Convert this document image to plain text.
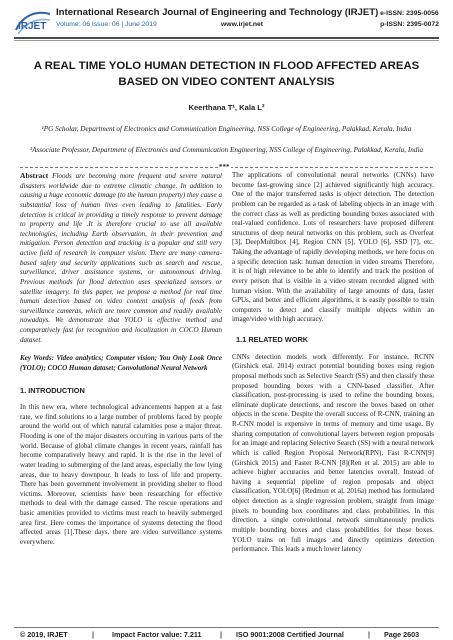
IRJET
International Research Journal of Engineering and Technology (IRJET)
Volume: 06 Issue: 06 | June 2019	www.irjet.net
e-ISSN: 2395-0056
p-ISSN: 2395-0072
A REAL TIME YOLO HUMAN DETECTION IN FLOOD AFFECTED AREAS BASED ON VIDEO CONTENT ANALYSIS
Keerthana T¹, Kala L²
¹PG Scholar, Department of Electronics and Communication Engineering, NSS College of Engineering, Palakkad, Kerala, India
²Associate Professor, Department of Electronics and Communication Engineering, NSS College of Engineering, Palakkad, Kerala, India
***

Abstract Floods are becoming more frequent and severe natural disasters worldwide due to extreme climatic change. In addition to causing a huge economic damage (to the human property) they cause a substantial loss of human lives even leading to fatalities. Early detection is critical in providing a timely response to prevent damage to property and life .It is therefore crucial to use all available technologies, including Earth observation, in their prevention and mitigation. Person detection and tracking is a popular and still very active field of research in computer vision. There are many camera-based safety and security applications such as search and rescue, surveillance, driver assistance systems, or autonomous driving. Previous methods for flood detection uses specialized sensors or satellite imagery. In this paper, we propose a method for real time human detection based on video content analysis of feeds from surveillance cameras, which are more common and readily available nowadays. We demonstrate that YOLO is effective method and comparatively fast for recognition and localization in COCO Human dataset.

Key Words: Video analytics; Computer vision; You Only Look Once (YOLO); COCO Human dataset; Convolutional Neural Network

1. INTRODUCTION

In this new era, where technological advancements happen at a fast rate, we find solutions to a large number of problems faced by people around the world out of which natural calamities pose a major threat. Flooding is one of the major disasters occurring in various parts of the world. Because of global climate changes in recent years, rainfall has become comparatively heavy and rapid. It is the rise in the level of water leading to submerging of the land areas, especially the low lying areas, due to heavy downpour. It leads to loss of life and property. There has been government involvement in providing shelter to flood victims. Moreover, scientists have been researching for effective methods to deal with the damage caused. The rescue operations and basic amenities provided to victims must reach to heavily submerged area first. Here comes the importance of systems detecting the flood affected areas [1].These days, there are video surveillance systems everywhere.

The applications of convolutional neural networks (CNNs) have become fast-growing since [2] achieved significantly high accuracy. One of the major transferred tasks is object detection. The detection problem can be regarded as a task of labeling objects in an image with the correct class as well as predicting bounding boxes associated with real-valued confidence. Lots of researchers have proposed different structures of deep neural networks on this problem, such as Overfeat [3], DeepMultibox [4], Region CNN [5], YOLO [6], SSD [7], etc. Taking the advantage of rapidly developing methods, we here focus on a specific detection task: human detection in video streams Therefore, it is of high relevance to be able to identify and track the position of every person that is visible in a video stream recorded aligned with human vision. With the availability of large amounts of data, faster GPUs, and better and efficient algorithms, it is easily possible to train computers to detect and classify multiple objects within an image/video with high accuracy.

1.1 RELATED WORK

CNNs detection models work differently. For instance, RCNN (Girshick etal. 2014) extract potential bounding boxes using region proposal methods such as Selective Search (SS) and then classify these proposed bounding boxes with a CNN-based classifier. After classification, post-processing is used to refine the bounding boxes, eliminate duplicate detections, and rescore the boxes based on other objects in the scene. Despite the overall success of R-CNN, training an R-CNN model is expensive in terms of memory and time usage. By sharing computation of convolutional layers between region proposals for an image and replacing Selective Search (SS) with a neural network which is called Region Proposal Network(RPN), Fast R-CNN[9] (Girshick 2015) and Faster R-CNN [8](Ren et al. 2015) are able to achieve higher accuracies and better latencies overall. Instead of having a sequential pipeline of region proposals and object classification, YOLO[6] (Redmon et al. 2016a) method has formulated object detection as a single regression problem, straight from image pixels to bounding box coordinates and class probabilities. In this direction, a single convolutional network simultaneously predicts multiple bounding boxes and class probabilities for those boxes. YOLO trains on full images and directly optimizes detection performance. This leads a much lower latency

© 2019, IRJET	| Impact Factor value: 7.211	| ISO 9001:2008 Certified Journal	| Page 2603
